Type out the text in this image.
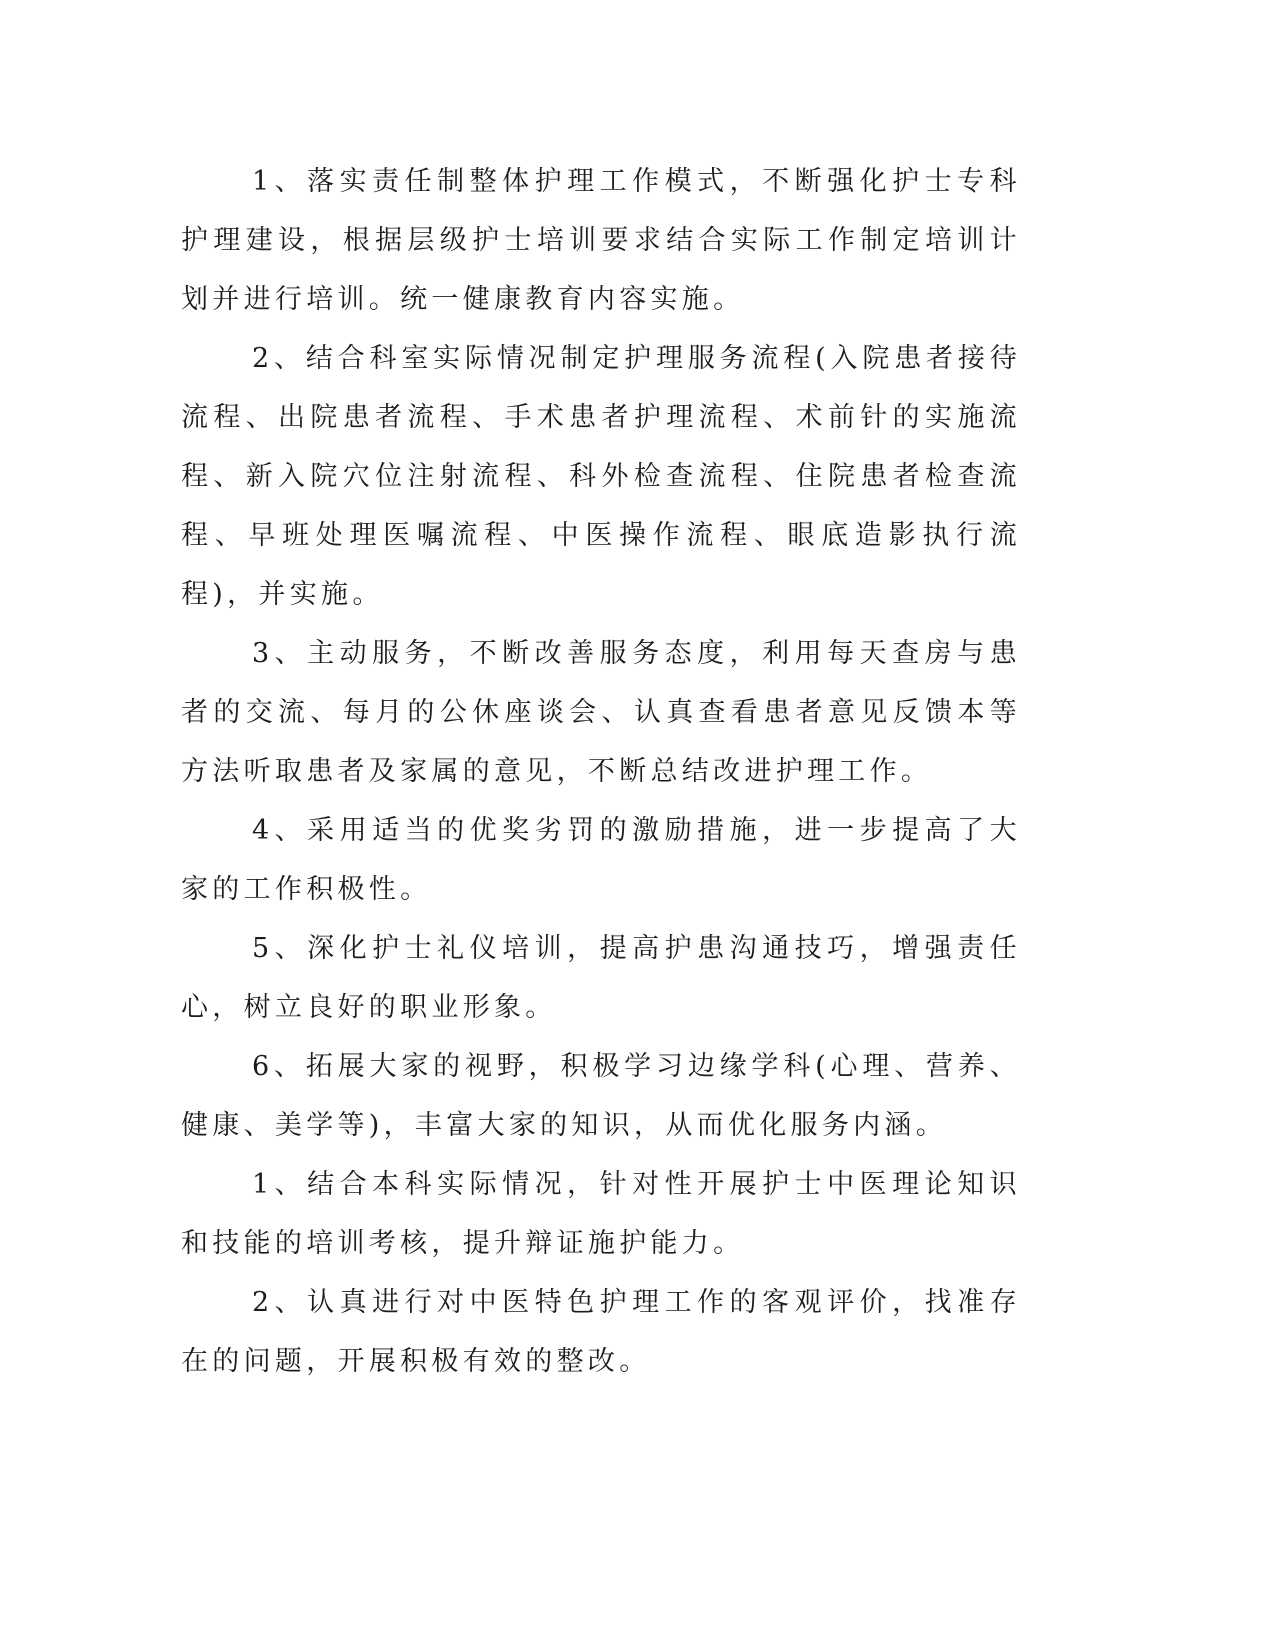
1、落实责任制整体护理工作模式，不断强化护士专科护理建设，根据层级护士培训要求结合实际工作制定培训计划并进行培训。统一健康教育内容实施。

2、结合科室实际情况制定护理服务流程(入院患者接待流程、出院患者流程、手术患者护理流程、术前针的实施流程、新入院穴位注射流程、科外检查流程、住院患者检查流程、早班处理医嘱流程、中医操作流程、眼底造影执行流程)，并实施。

3、主动服务，不断改善服务态度，利用每天查房与患者的交流、每月的公休座谈会、认真查看患者意见反馈本等方法听取患者及家属的意见，不断总结改进护理工作。

4、采用适当的优奖劣罚的激励措施，进一步提高了大家的工作积极性。

5、深化护士礼仪培训，提高护患沟通技巧，增强责任心，树立良好的职业形象。

6、拓展大家的视野，积极学习边缘学科(心理、营养、健康、美学等)，丰富大家的知识，从而优化服务内涵。

1、结合本科实际情况，针对性开展护士中医理论知识和技能的培训考核，提升辩证施护能力。

2、认真进行对中医特色护理工作的客观评价，找准存在的问题，开展积极有效的整改。
